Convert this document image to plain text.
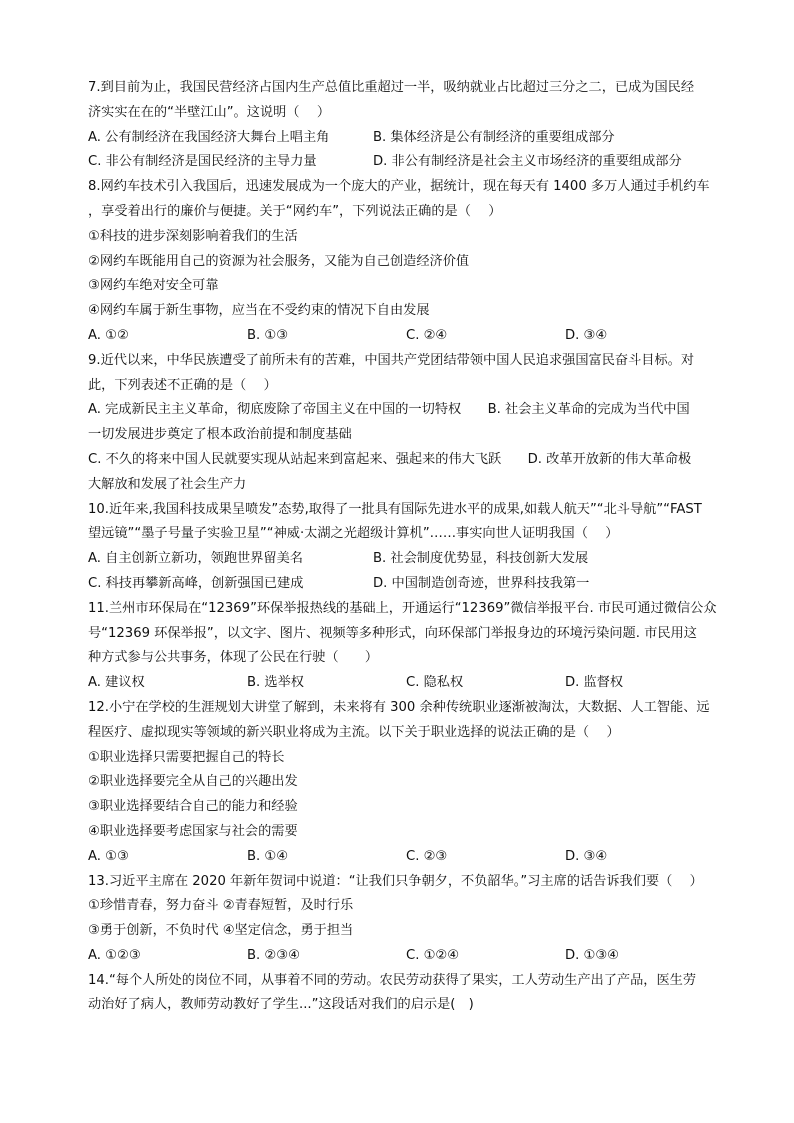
7.到目前为止，我国民营经济占国内生产总值比重超过一半，吸纳就业占比超过三分之二，已成为国民经
济实实在在的“半壁江山”。这说明（　 ）
A. 公有制经济在我国经济大舞台上唱主角	B. 集体经济是公有制经济的重要组成部分
C. 非公有制经济是国民经济的主导力量	D. 非公有制经济是社会主义市场经济的重要组成部分
8.网约车技术引入我国后，迅速发展成为一个庞大的产业，据统计，现在每天有 1400 多万人通过手机约车
，享受着出行的廉价与便捷。关于“网约车”，下列说法正确的是（　 ）
①科技的进步深刻影响着我们的生活
②网约车既能用自己的资源为社会服务，又能为自己创造经济价值
③网约车绝对安全可靠
④网约车属于新生事物，应当在不受约束的情况下自由发展
A. ①②	B. ①③	C. ②④	D. ③④
9.近代以来，中华民族遭受了前所未有的苦难，中国共产党团结带领中国人民追求强国富民奋斗目标。对
此，下列表述不正确的是（　 ）
A. 完成新民主主义革命，彻底废除了帝国主义在中国的一切特权　　B. 社会主义革命的完成为当代中国
一切发展进步奠定了根本政治前提和制度基础
C. 不久的将来中国人民就要实现从站起来到富起来、强起来的伟大飞跃　　D. 改革开放新的伟大革命极
大解放和发展了社会生产力
10.近年来,我国科技成果呈喷发”态势,取得了一批具有国际先进水平的成果,如载人航天”“北斗导航”“FAST
望远镜”“墨子号量子实验卫星”“神威·太湖之光超级计算机”……事实向世人证明我国（　 ）
A. 自主创新立新功，领跑世界留美名	B. 社会制度优势显，科技创新大发展
C. 科技再攀新高峰，创新强国已建成	D. 中国制造创奇迹，世界科技我第一
11.兰州市环保局在“12369”环保举报热线的基础上，开通运行“12369”微信举报平台. 市民可通过微信公众
号“12369 环保举报”，以文字、图片、视频等多种形式，向环保部门举报身边的环境污染问题. 市民用这
种方式参与公共事务，体现了公民在行驶（　　）
A. 建议权	B. 选举权	C. 隐私权	D. 监督权
12.小宁在学校的生涯规划大讲堂了解到，未来将有 300 余种传统职业逐渐被淘汰，大数据、人工智能、远
程医疗、虚拟现实等领域的新兴职业将成为主流。以下关于职业选择的说法正确的是（　 ）
①职业选择只需要把握自己的特长
②职业选择要完全从自己的兴趣出发
③职业选择要结合自己的能力和经验
④职业选择要考虑国家与社会的需要
A. ①③	B. ①④	C. ②③	D. ③④
13.习近平主席在 2020 年新年贺词中说道：“让我们只争朝夕，不负韶华。”习主席的话告诉我们要（　 ）
①珍惜青春，努力奋斗 ②青春短暂，及时行乐
③勇于创新，不负时代 ④坚定信念，勇于担当
A. ①②③	B. ②③④	C. ①②④	D. ①③④
14.“每个人所处的岗位不同，从事着不同的劳动。农民劳动获得了果实，工人劳动生产出了产品，医生劳
动治好了病人，教师劳动教好了学生...”这段话对我们的启示是(　)
